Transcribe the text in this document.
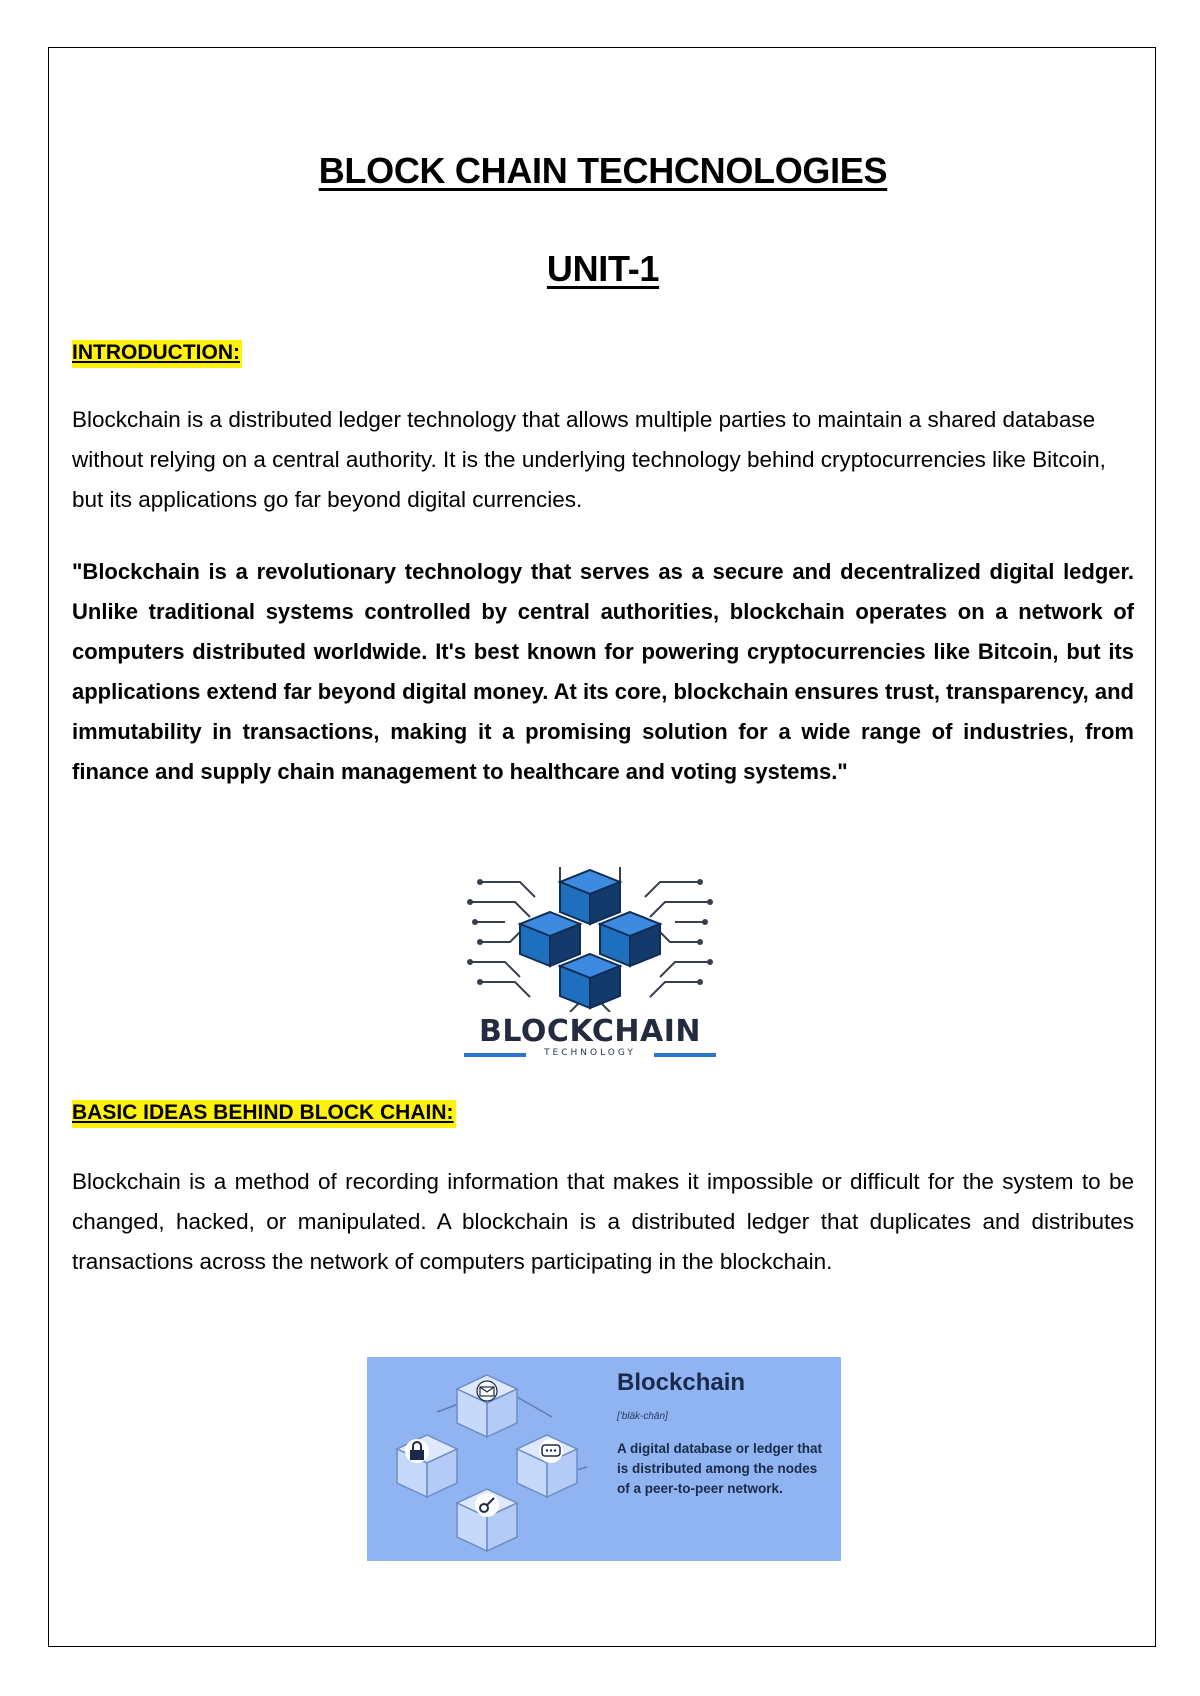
BLOCK CHAIN TECHCNOLOGIES
UNIT-1
INTRODUCTION:
Blockchain is a distributed ledger technology that allows multiple parties to maintain a shared database without relying on a central authority. It is the underlying technology behind cryptocurrencies like Bitcoin, but its applications go far beyond digital currencies.
"Blockchain is a revolutionary technology that serves as a secure and decentralized digital ledger. Unlike traditional systems controlled by central authorities, blockchain operates on a network of computers distributed worldwide. It's best known for powering cryptocurrencies like Bitcoin, but its applications extend far beyond digital money. At its core, blockchain ensures trust, transparency, and immutability in transactions, making it a promising solution for a wide range of industries, from finance and supply chain management to healthcare and voting systems."
BASIC IDEAS BEHIND BLOCK CHAIN:
Blockchain is a method of recording information that makes it impossible or difficult for the system to be changed, hacked, or manipulated. A blockchain is a distributed ledger that duplicates and distributes transactions across the network of computers participating in the blockchain.
BLOCKCHAIN
TECHNOLOGY
Blockchain
['bläk-chān]
A digital database or ledger that is distributed among the nodes of a peer-to-peer network.
